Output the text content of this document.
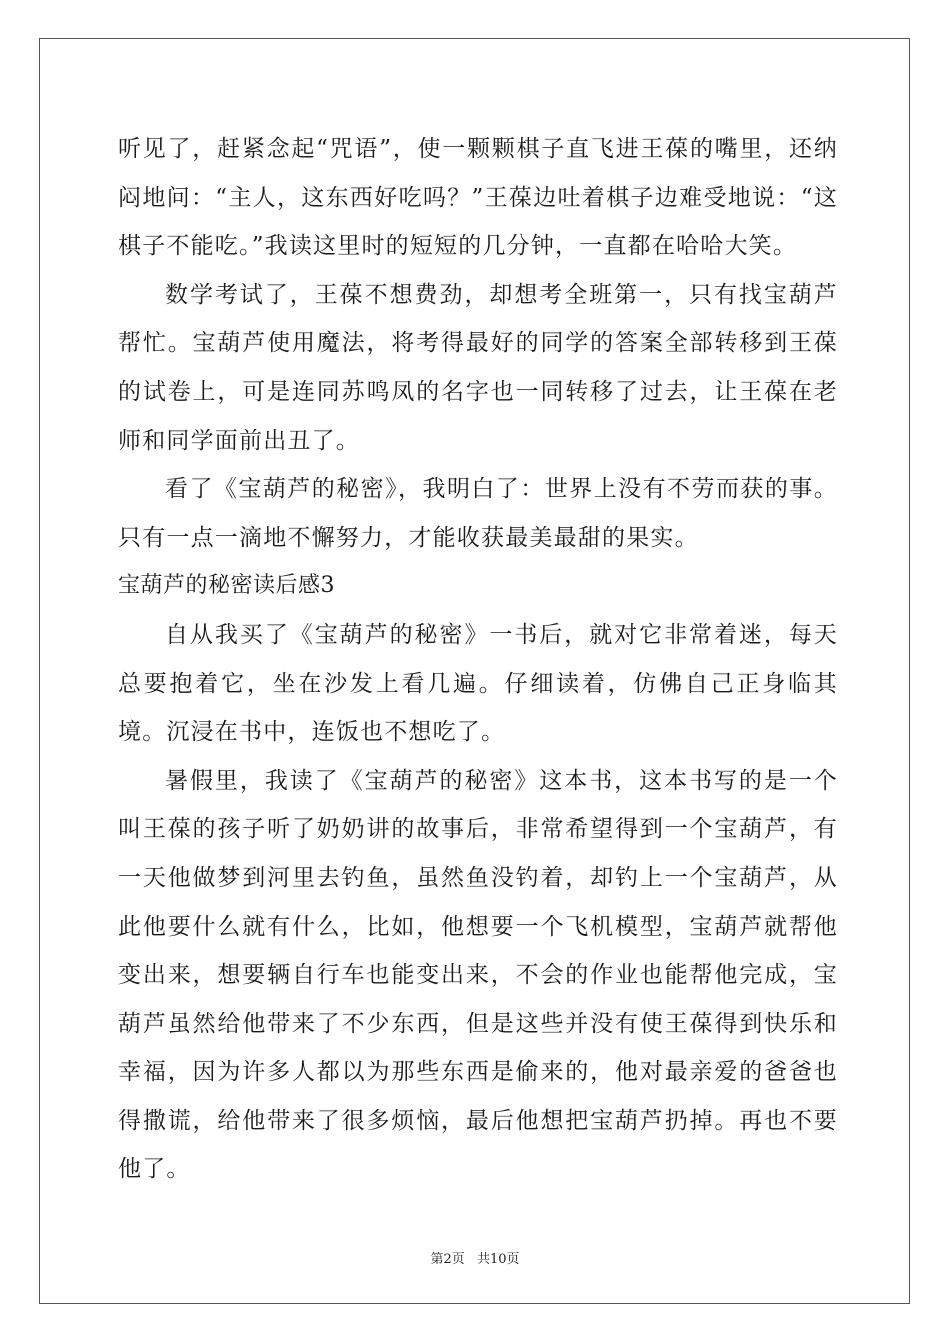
听见了，赶紧念起“咒语”，使一颗颗棋子直飞进王葆的嘴里，还纳闷地问：“主人，这东西好吃吗？”王葆边吐着棋子边难受地说：“这棋子不能吃。”我读这里时的短短的几分钟，一直都在哈哈大笑。

数学考试了，王葆不想费劲，却想考全班第一，只有找宝葫芦帮忙。宝葫芦使用魔法，将考得最好的同学的答案全部转移到王葆的试卷上，可是连同苏鸣凤的名字也一同转移了过去，让王葆在老师和同学面前出丑了。

看了《宝葫芦的秘密》，我明白了：世界上没有不劳而获的事。只有一点一滴地不懈努力，才能收获最美最甜的果实。

宝葫芦的秘密读后感3

自从我买了《宝葫芦的秘密》一书后，就对它非常着迷，每天总要抱着它，坐在沙发上看几遍。仔细读着，仿佛自己正身临其境。沉浸在书中，连饭也不想吃了。

暑假里，我读了《宝葫芦的秘密》这本书，这本书写的是一个叫王葆的孩子听了奶奶讲的故事后，非常希望得到一个宝葫芦，有一天他做梦到河里去钓鱼，虽然鱼没钓着，却钓上一个宝葫芦，从此他要什么就有什么，比如，他想要一个飞机模型，宝葫芦就帮他变出来，想要辆自行车也能变出来，不会的作业也能帮他完成，宝葫芦虽然给他带来了不少东西，但是这些并没有使王葆得到快乐和幸福，因为许多人都以为那些东西是偷来的，他对最亲爱的爸爸也得撒谎，给他带来了很多烦恼，最后他想把宝葫芦扔掉。再也不要他了。

第2页 共10页
